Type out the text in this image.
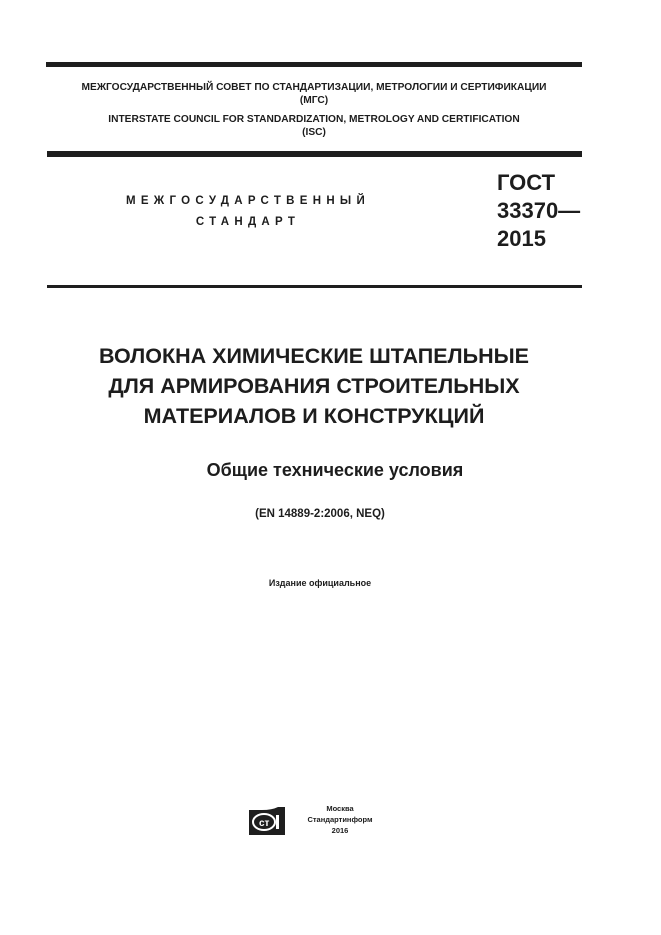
МЕЖГОСУДАРСТВЕННЫЙ СОВЕТ ПО СТАНДАРТИЗАЦИИ, МЕТРОЛОГИИ И СЕРТИФИКАЦИИ
(МГС)
INTERSTATE COUNCIL FOR STANDARDIZATION, METROLOGY AND CERTIFICATION
(ISC)
МЕЖГОСУДАРСТВЕННЫЙ
СТАНДАРТ
ГОСТ
33370—
2015
ВОЛОКНА ХИМИЧЕСКИЕ ШТАПЕЛЬНЫЕ
ДЛЯ АРМИРОВАНИЯ СТРОИТЕЛЬНЫХ
МАТЕРИАЛОВ И КОНСТРУКЦИЙ
Общие технические условия
(EN 14889-2:2006, NEQ)
Издание официальное
ст
Москва
Стандартинформ
2016
